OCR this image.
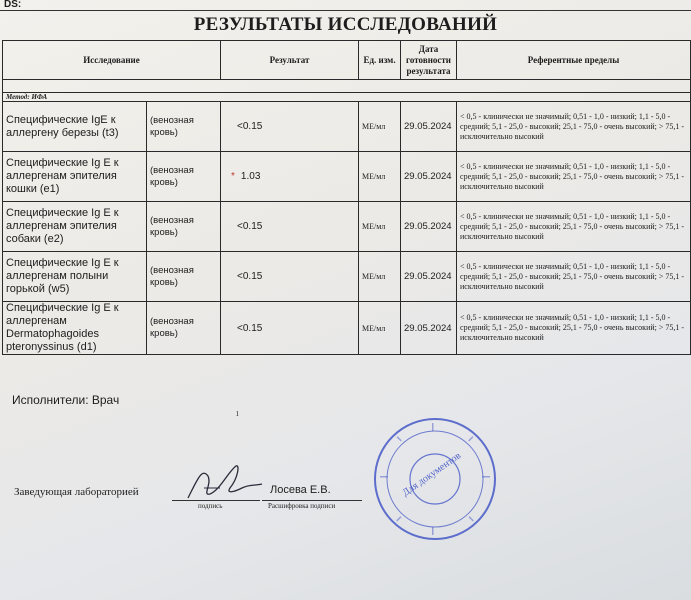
DS:
РЕЗУЛЬТАТЫ ИССЛЕДОВАНИЙ
Исследование		Результат	Ед. изм.	Дата готовности результата	Референтные пределы

Метод: ИФА					
Специфические IgE к аллергену березы (t3)	(венозная кровь)	<0.15	МЕ/мл	29.05.2024	< 0,5 - клинически не значимый; 0,51 - 1,0 - низкий; 1,1 - 5,0 - средний; 5,1 - 25,0 - высокий; 25,1 - 75,0 - очень высокий; > 75,1 - исключительно высокий
Специфические Ig E к аллергенам эпителия кошки (e1)	(венозная кровь)	* 1.03	МЕ/мл	29.05.2024	< 0,5 - клинически не значимый; 0,51 - 1,0 - низкий; 1,1 - 5,0 - средний; 5,1 - 25,0 - высокий; 25,1 - 75,0 - очень высокий; > 75,1 - исключительно высокий
Специфические Ig E к аллергенам эпителия собаки (e2)	(венозная кровь)	<0.15	МЕ/мл	29.05.2024	< 0,5 - клинически не значимый; 0,51 - 1,0 - низкий; 1,1 - 5,0 - средний; 5,1 - 25,0 - высокий; 25,1 - 75,0 - очень высокий; > 75,1 - исключительно высокий
Специфические Ig E к аллергенам полыни горькой (w5)	(венозная кровь)	<0.15	МЕ/мл	29.05.2024	< 0,5 - клинически не значимый; 0,51 - 1,0 - низкий; 1,1 - 5,0 - средний; 5,1 - 25,0 - высокий; 25,1 - 75,0 - очень высокий; > 75,1 - исключительно высокий
Специфические Ig E к аллергенам Dermatophagoides pteronyssinus (d1)	(венозная кровь)	<0.15	МЕ/мл	29.05.2024	< 0,5 - клинически не значимый; 0,51 - 1,0 - низкий; 1,1 - 5,0 - средний; 5,1 - 25,0 - высокий; 25,1 - 75,0 - очень высокий; > 75,1 - исключительно высокий
Исполнители: Врач
ı
Заведующая лабораторией
подпись
Лосева Е.В.
Расшифровка подписи
Для документов
